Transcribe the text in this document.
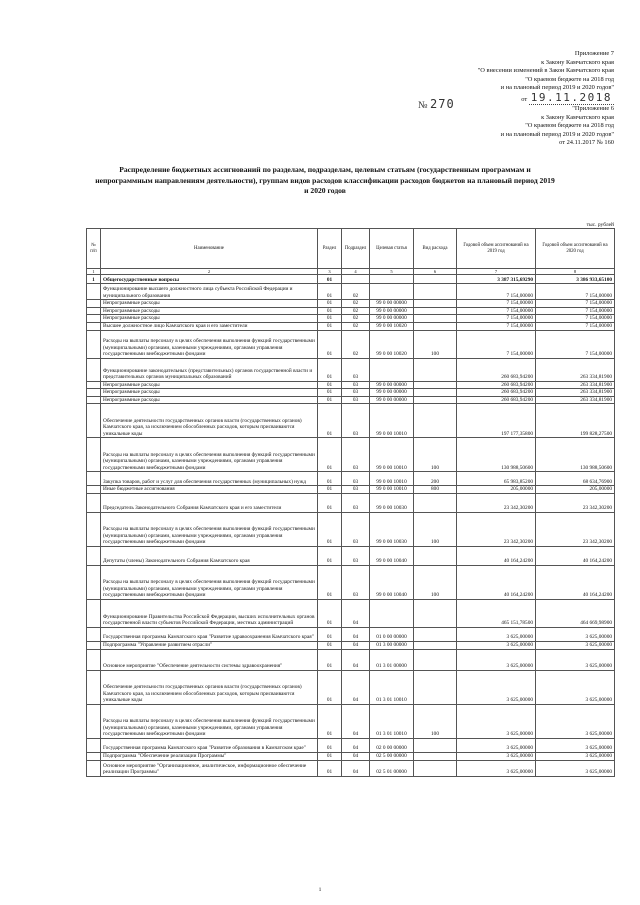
Приложение 7
к Закону Камчатского края
"О внесении изменений в Закон Камчатского края
"О краевом бюджете на 2018 год
и на плановый период 2019 и 2020 годов"
от 19.11.2018
№ 270	"Приложение 6
к Закону Камчатского края
"О краевом бюджете на 2018 год
и на плановый период 2019 и 2020 годов"
от 24.11.2017 № 160
Распределение бюджетных ассигнований по разделам, подразделам, целевым статьям (государственным программам и непрограммным направлениям деятельности), группам видов расходов классификации расходов бюджетов на плановый период 2019 и 2020 годов
тыс. рублей
№ п/п	Наименование	Раздел	Подраздел	Целевая статья	Вид расхода	Годовой объем ассигнований на 2019 год	Годовой объем ассигнований на 2020 год
1	2	3	4	5	6	7	8
1	Общегосударственные вопросы	01				3 387 315,69290	3 386 933,65100
	Функционирование высшего должностного лица субъекта Российской Федерации и муниципального образования	01	02			7 154,00000	7 154,00000
	Непрограммные расходы	01	02	99 0 00 00000		7 154,00000	7 154,00000
	Непрограммные расходы	01	02	99 0 00 00000		7 154,00000	7 154,00000
	Непрограммные расходы	01	02	99 0 00 00000		7 154,00000	7 154,00000
	Высшее должностное лицо Камчатского края и его заместители	01	02	99 0 00 10020		7 154,00000	7 154,00000
	Расходы на выплаты персоналу в целях обеспечения выполнения функций государственными (муниципальными) органами, казенными учреждениями, органами управления государственными внебюджетными фондами	01	02	99 0 00 10020	100	7 154,00000	7 154,00000
	Функционирование законодательных (представительных) органов государственной власти и представительных органов муниципальных образований	01	03			260 683,94200	263 334,81900
	Непрограммные расходы	01	03	99 0 00 00000		260 683,94200	263 334,81900
	Непрограммные расходы	01	03	99 0 00 00000		260 683,94200	263 334,81900
	Непрограммные расходы	01	03	99 0 00 00000		260 683,94200	263 334,81900
	Обеспечение деятельности государственных органов власти (государственных органов) Камчатского края, за исключением обособленных расходов, которым присваиваются уникальные коды	01	03	99 0 00 10010		197 177,35800	199 828,27500
	Расходы на выплаты персоналу в целях обеспечения выполнения функций государственными (муниципальными) органами, казенными учреждениями, органами управления государственными внебюджетными фондами	01	03	99 0 00 10010	100	130 988,50600	130 988,50600
	Закупка товаров, работ и услуг для обеспечения государственных (муниципальных) нужд	01	03	99 0 00 10010	200	65 983,85200	68 634,76900
	Иные бюджетные ассигнования	01	03	99 0 00 10010	800	205,00000	205,00000
	Председатель Законодательного Собрания Камчатского края и его заместители	01	03	99 0 00 10030		23 342,30200	23 342,30200
	Расходы на выплаты персоналу в целях обеспечения выполнения функций государственными (муниципальными) органами, казенными учреждениями, органами управления государственными внебюджетными фондами	01	03	99 0 00 10030	100	23 342,30200	23 342,30200
	Депутаты (члены) Законодательного Собрания Камчатского края	01	03	99 0 00 10040		40 164,24200	40 164,24200
	Расходы на выплаты персоналу в целях обеспечения выполнения функций государственными (муниципальными) органами, казенными учреждениями, органами управления государственными внебюджетными фондами	01	03	99 0 00 10040	100	40 164,24200	40 164,24200
	Функционирование Правительства Российской Федерации, высших исполнительных органов государственной власти субъектов Российской Федерации, местных администраций	01	04			465 151,78500	464 669,98900
	Государственная программа Камчатского края "Развитие здравоохранения Камчатского края"	01	04	01 0 00 00000		3 625,00000	3 625,00000
	Подпрограмма "Управление развитием отрасли"	01	04	01 3 00 00000		3 625,00000	3 625,00000
	Основное мероприятие "Обеспечение деятельности системы здравоохранения"	01	04	01 3 01 00000		3 625,00000	3 625,00000
	Обеспечение деятельности государственных органов власти (государственных органов) Камчатского края, за исключением обособленных расходов, которым присваиваются уникальные коды	01	04	01 3 01 10010		3 625,00000	3 625,00000
	Расходы на выплаты персоналу в целях обеспечения выполнения функций государственными (муниципальными) органами, казенными учреждениями, органами управления государственными внебюджетными фондами	01	04	01 3 01 10010	100	3 625,00000	3 625,00000
	Государственная программа Камчатского края "Развитие образования в Камчатском крае"	01	04	02 0 00 00000		3 625,00000	3 625,00000
	Подпрограмма "Обеспечение реализации Программы"	01	04	02 5 00 00000		3 625,00000	3 625,00000
	Основное мероприятие "Организационное, аналитическое, информационное обеспечение реализации Программы"	01	04	02 5 01 00000		3 625,00000	3 625,00000
1
